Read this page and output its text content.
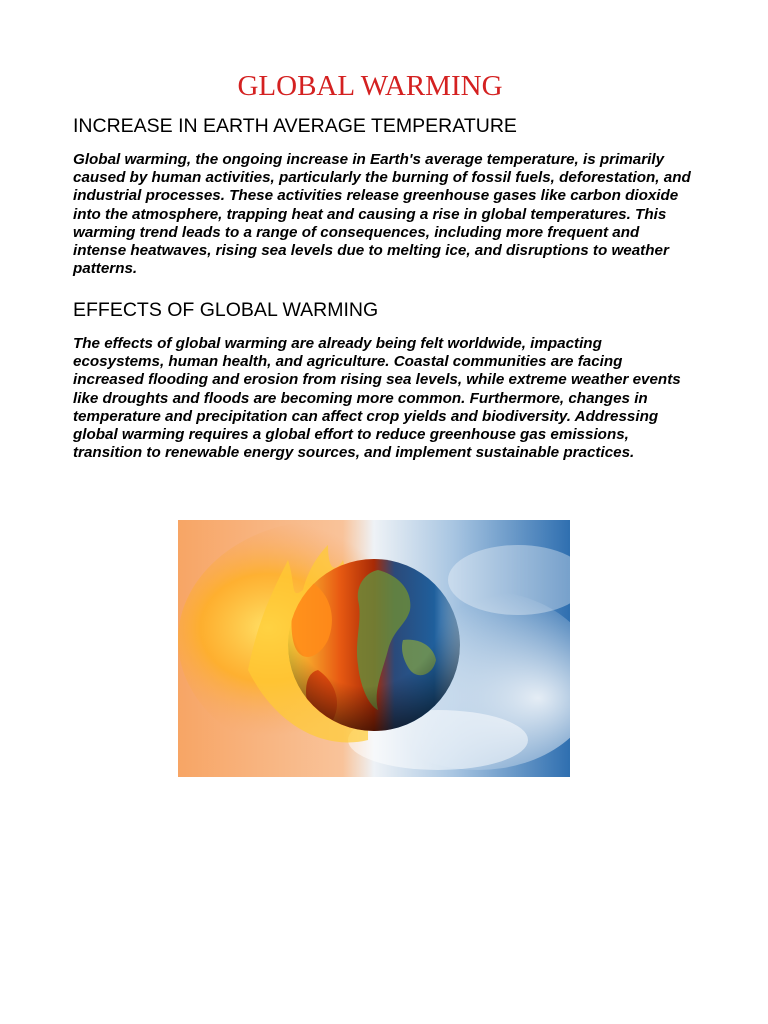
GLOBAL WARMING
INCREASE IN EARTH AVERAGE TEMPERATURE

Global warming, the ongoing increase in Earth's average temperature, is primarily caused by human activities, particularly the burning of fossil fuels, deforestation, and industrial processes. These activities release greenhouse gases like carbon dioxide into the atmosphere, trapping heat and causing a rise in global temperatures. This warming trend leads to a range of consequences, including more frequent and intense heatwaves, rising sea levels due to melting ice, and disruptions to weather patterns.

EFFECTS OF GLOBAL WARMING

The effects of global warming are already being felt worldwide, impacting ecosystems, human health, and agriculture. Coastal communities are facing increased flooding and erosion from rising sea levels, while extreme weather events like droughts and floods are becoming more common. Furthermore, changes in temperature and precipitation can affect crop yields and biodiversity. Addressing global warming requires a global effort to reduce greenhouse gas emissions, transition to renewable energy sources, and implement sustainable practices.
